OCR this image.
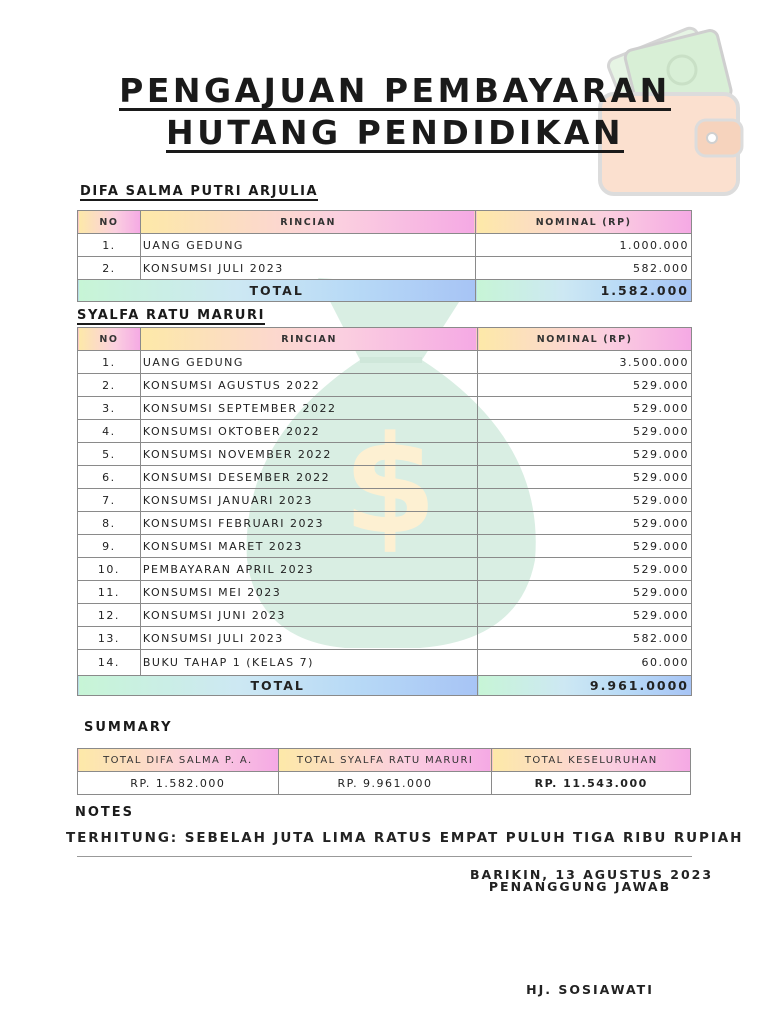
$
PENGAJUAN PEMBAYARAN
HUTANG PENDIDIKAN
DIFA SALMA PUTRI ARJULIA
NO	RINCIAN	NOMINAL (RP)
1.	UANG GEDUNG	1.000.000
2.	KONSUMSI JULI 2023	582.000
TOTAL		1.582.000
SYALFA RATU MARURI
NO	RINCIAN	NOMINAL (RP)
1.	UANG GEDUNG	3.500.000
2.	KONSUMSI AGUSTUS 2022	529.000
3.	KONSUMSI SEPTEMBER 2022	529.000
4.	KONSUMSI OKTOBER 2022	529.000
5.	KONSUMSI NOVEMBER 2022	529.000
6.	KONSUMSI DESEMBER 2022	529.000
7.	KONSUMSI JANUARI 2023	529.000
8.	KONSUMSI FEBRUARI 2023	529.000
9.	KONSUMSI MARET 2023	529.000
10.	PEMBAYARAN APRIL 2023	529.000
11.	KONSUMSI MEI 2023	529.000
12.	KONSUMSI JUNI 2023	529.000
13.	KONSUMSI JULI 2023	582.000
14.	BUKU TAHAP 1 (KELAS 7)	60.000
TOTAL		9.961.0000
SUMMARY
TOTAL DIFA SALMA P. A.	TOTAL SYALFA RATU MARURI	TOTAL KESELURUHAN
RP. 1.582.000	RP. 9.961.000	RP. 11.543.000
NOTES
TERHITUNG: SEBELAH JUTA LIMA RATUS EMPAT PULUH TIGA RIBU RUPIAH
BARIKIN, 13 AGUSTUS 2023
PENANGGUNG JAWAB
HJ. SOSIAWATI
